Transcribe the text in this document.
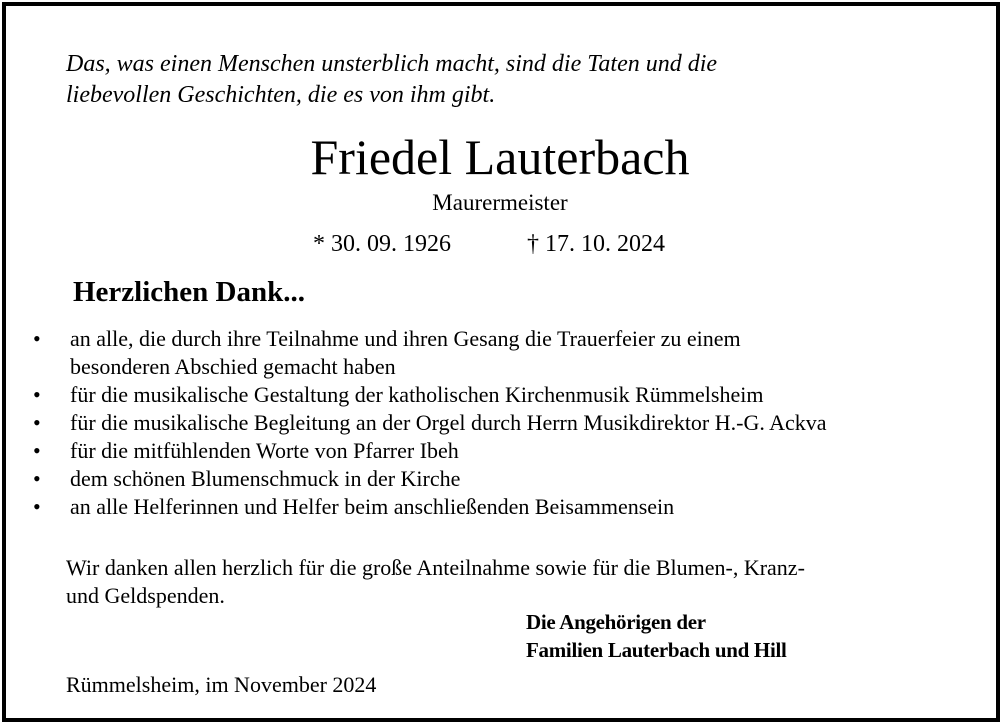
Das, was einen Menschen unsterblich macht, sind die Taten und die
liebevollen Geschichten, die es von ihm gibt.

Friedel Lauterbach

Maurermeister

* 30. 09. 1926	† 17. 10. 2024
Herzlichen Dank...
• an alle, die durch ihre Teilnahme und ihren Gesang die Trauerfeier zu einem
besonderen Abschied gemacht haben
• für die musikalische Gestaltung der katholischen Kirchenmusik Rümmelsheim
• für die musikalische Begleitung an der Orgel durch Herrn Musikdirektor H.-G. Ackva
• für die mitfühlenden Worte von Pfarrer Ibeh
• dem schönen Blumenschmuck in der Kirche
• an alle Helferinnen und Helfer beim anschließenden Beisammensein

Wir danken allen herzlich für die große Anteilnahme sowie für die Blumen-, Kranz-
und Geldspenden.

Die Angehörigen der
Familien Lauterbach und Hill

Rümmelsheim, im November 2024
